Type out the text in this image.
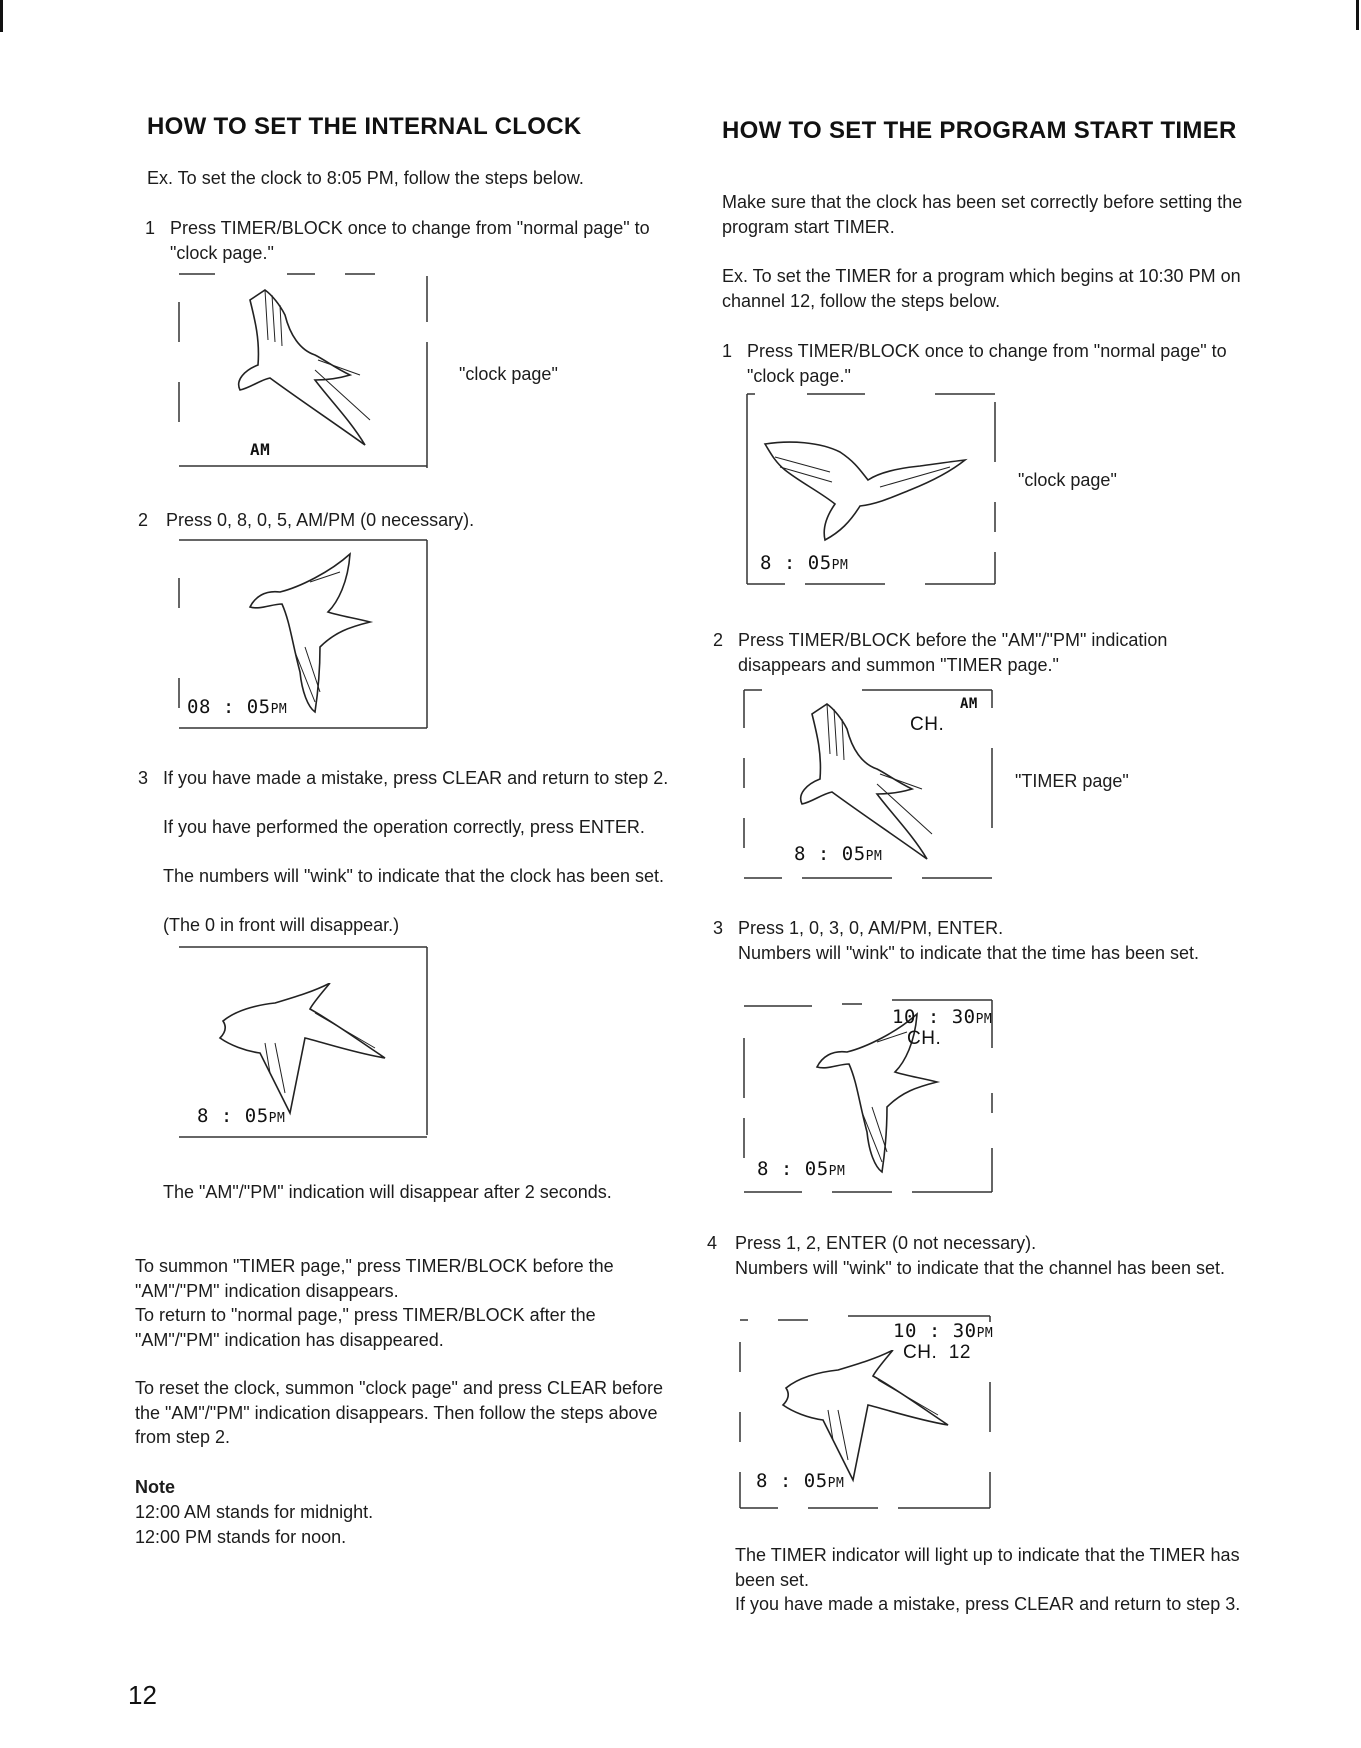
HOW TO SET THE INTERNAL CLOCK

Ex. To set the clock to 8:05 PM, follow the steps below.

1 Press TIMER/BLOCK once to change from "normal page" to "clock page."

AM
"clock page"
2 Press 0, 8, 0, 5, AM/PM (0 necessary).

08 : 05PM
3 If you have made a mistake, press CLEAR and return to step 2.

If you have performed the operation correctly, press ENTER.

The numbers will "wink" to indicate that the clock has been set.

(The 0 in front will disappear.)

8 : 05PM

The "AM"/"PM" indication will disappear after 2 seconds.

To summon "TIMER page," press TIMER/BLOCK before the "AM"/"PM" indication disappears.

To return to "normal page," press TIMER/BLOCK after the "AM"/"PM" indication has disappeared.

To reset the clock, summon "clock page" and press CLEAR before the "AM"/"PM" indication disappears. Then follow the steps above from step 2.

Note

12:00 AM stands for midnight.

12:00 PM stands for noon.

12
HOW TO SET THE PROGRAM START TIMER

Make sure that the clock has been set correctly before setting the program start TIMER.

Ex. To set the TIMER for a program which begins at 10:30 PM on channel 12, follow the steps below.

1 Press TIMER/BLOCK once to change from "normal page" to "clock page."

8 : 05PM
"clock page"
2 Press TIMER/BLOCK before the "AM"/"PM" indication disappears and summon "TIMER page."

AM
CH.
8 : 05PM
"TIMER page"
3 Press 1, 0, 3, 0, AM/PM, ENTER.

Numbers will "wink" to indicate that the time has been set.

10 : 30PM
CH.
8 : 05PM
4 Press 1, 2, ENTER (0 not necessary).

Numbers will "wink" to indicate that the channel has been set.

10 : 30PM
CH.  12
8 : 05PM

The TIMER indicator will light up to indicate that the TIMER has been set.

If you have made a mistake, press CLEAR and return to step 3.
